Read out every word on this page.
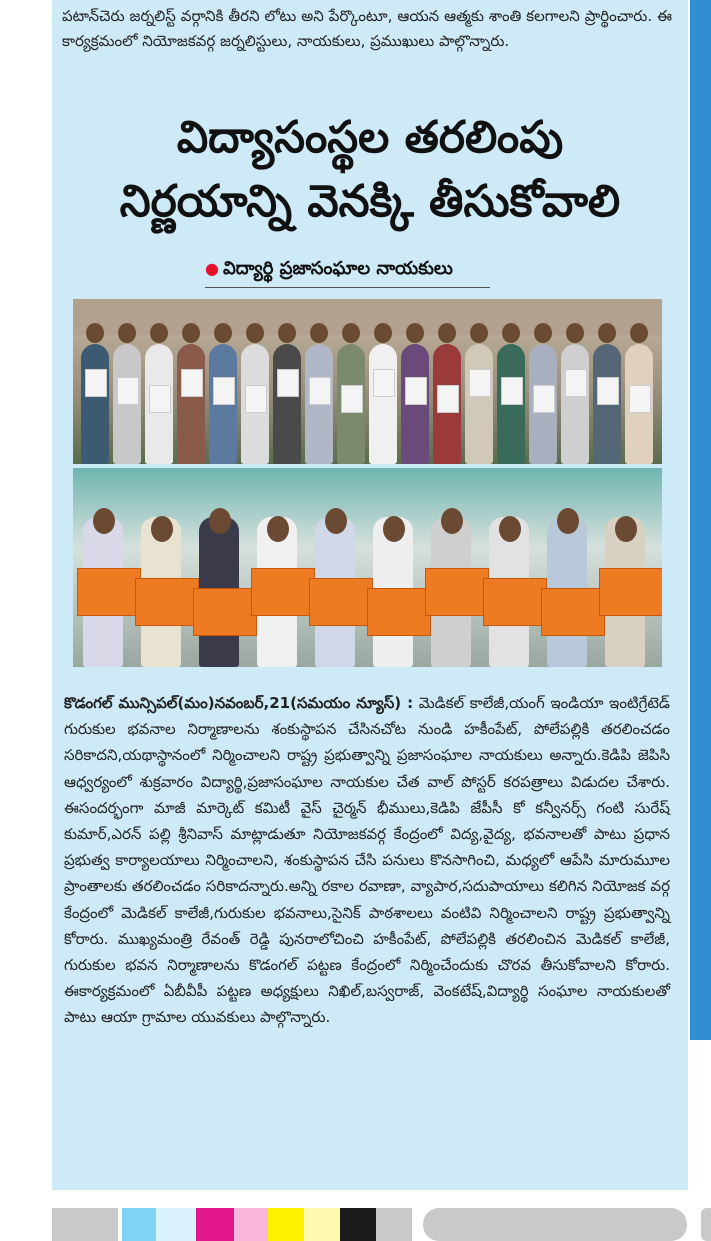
పటాన్‌చెరు జర్నలిస్ట్ వర్గానికి తీరని లోటు అని పేర్కొంటూ, ఆయన ఆత్మకు శాంతి కలగాలని ప్రార్థించారు. ఈ కార్యక్రమంలో నియోజకవర్గ జర్నలిస్టులు, నాయకులు, ప్రముఖులు పాల్గొన్నారు.
విద్యాసంస్థల తరలింపు
నిర్ణయాన్ని వెనక్కి తీసుకోవాలి
● విద్యార్థి ప్రజాసంఘాల నాయకులు
కొడంగల్ మున్సిపల్(మం)నవంబర్,21(సమయం న్యూస్) : మెడికల్ కాలేజీ,యంగ్ ఇండియా ఇంటిగ్రేటెడ్ గురుకుల భవనాల నిర్మాణాలను శంకుస్థాపన చేసినచోట నుండి హకీంపేట్, పోలేపల్లికి తరలించడం సరికాదని,యథాస్థానంలో నిర్మించాలని రాష్ట్ర ప్రభుత్వాన్ని ప్రజాసంఘాల నాయకులు అన్నారు.కెడిపి జెపిసి ఆధ్వర్యంలో శుక్రవారం విద్యార్థి,ప్రజాసంఘాల నాయకుల చేత వాల్ పోస్టర్ కరపత్రాలు విడుదల చేశారు. ఈసందర్భంగా మాజీ మార్కెట్ కమిటీ వైస్ చైర్మన్ భీములు,కెడిపి జేపీసీ కో కన్వీనర్స్ గంటి సురేష్ కుమార్,ఎరన్ పల్లి శ్రీనివాస్ మాట్లాడుతూ నియోజకవర్గ కేంద్రంలో విద్య,వైద్య, భవనాలతో పాటు ప్రధాన ప్రభుత్వ కార్యాలయాలు నిర్మించాలని, శంకుస్థాపన చేసి పనులు కొనసాగించి, మధ్యలో ఆపేసి మారుమూల ప్రాంతాలకు తరలించడం సరికాదన్నారు.అన్ని రకాల రవాణా, వ్యాపార,సదుపాయాలు కలిగిన నియోజక వర్గ కేంద్రంలో మెడికల్ కాలేజీ,గురుకుల భవనాలు,సైనిక్ పాఠశాలలు వంటివి నిర్మించాలని రాష్ట్ర ప్రభుత్వాన్ని కోరారు. ముఖ్యమంత్రి రేవంత్ రెడ్డి పునరాలోచించి హకీంపేట్, పోలేపల్లికి తరలించిన మెడికల్ కాలేజీ, గురుకుల భవన నిర్మాణాలను కొడంగల్ పట్టణ కేంద్రంలో నిర్మించేందుకు చొరవ తీసుకోవాలని కోరారు. ఈకార్యక్రమంలో ఏబీవీపీ పట్టణ అధ్యక్షులు నిఖిల్,బస్వరాజ్, వెంకటేష్,విద్యార్థి సంఘాల నాయకులతో పాటు ఆయా గ్రామాల యువకులు పాల్గొన్నారు.
